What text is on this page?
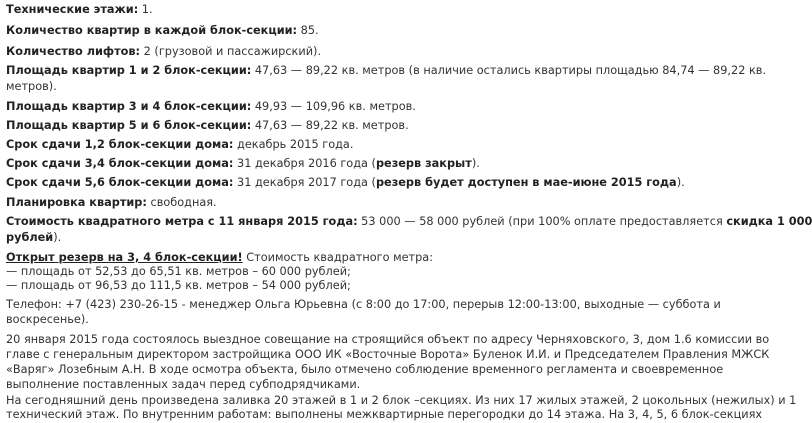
Технические этажи: 1.
Количество квартир в каждой блок-секции: 85.
Количество лифтов: 2 (грузовой и пассажирский).
Площадь квартир 1 и 2 блок-секции: 47,63 — 89,22 кв. метров (в наличие остались квартиры площадью 84,74 — 89,22 кв.
метров).
Площадь квартир 3 и 4 блок-секции: 49,93 — 109,96 кв. метров.
Площадь квартир 5 и 6 блок-секции: 47,63 — 89,22 кв. метров.
Срок сдачи 1,2 блок-секции дома: декабрь 2015 года.
Срок сдачи 3,4 блок-секции дома: 31 декабря 2016 года (резерв закрыт).
Срок сдачи 5,6 блок-секции дома: 31 декабря 2017 года (резерв будет доступен в мае-июне 2015 года).
Планировка квартир: свободная.
Стоимость квадратного метра с 11 января 2015 года: 53 000 — 58 000 рублей (при 100% оплате предоставляется скидка 1 000
рублей).
Открыт резерв на 3, 4 блок-секции! Стоимость квадратного метра:
— площадь от 52,53 до 65,51 кв. метров – 60 000 рублей;
— площадь от 96,53 до 111,5 кв. метров – 54 000 рублей;
Телефон: +7 (423) 230-26-15 - менеджер Ольга Юрьевна (с 8:00 до 17:00, перерыв 12:00-13:00, выходные — суббота и
воскресенье).
20 января 2015 года состоялось выездное совещание на строящийся объект по адресу Черняховского, 3, дом 1.6 комиссии во
главе с генеральным директором застройщика ООО ИК «Восточные Ворота» Буленок И.И. и Председателем Правления МЖСК
«Варяг» Лозебным А.Н. В ходе осмотра объекта, было отмечено соблюдение временного регламента и своевременное
выполнение поставленных задач перед субподрядчиками.
На сегодняшний день произведена заливка 20 этажей в 1 и 2 блок –секциях. Из них 17 жилых этажей, 2 цокольных (нежилых) и 1
технический этаж. По внутренним работам: выполнены межквартирные перегородки до 14 этажа. На 3, 4, 5, 6 блок-секциях
